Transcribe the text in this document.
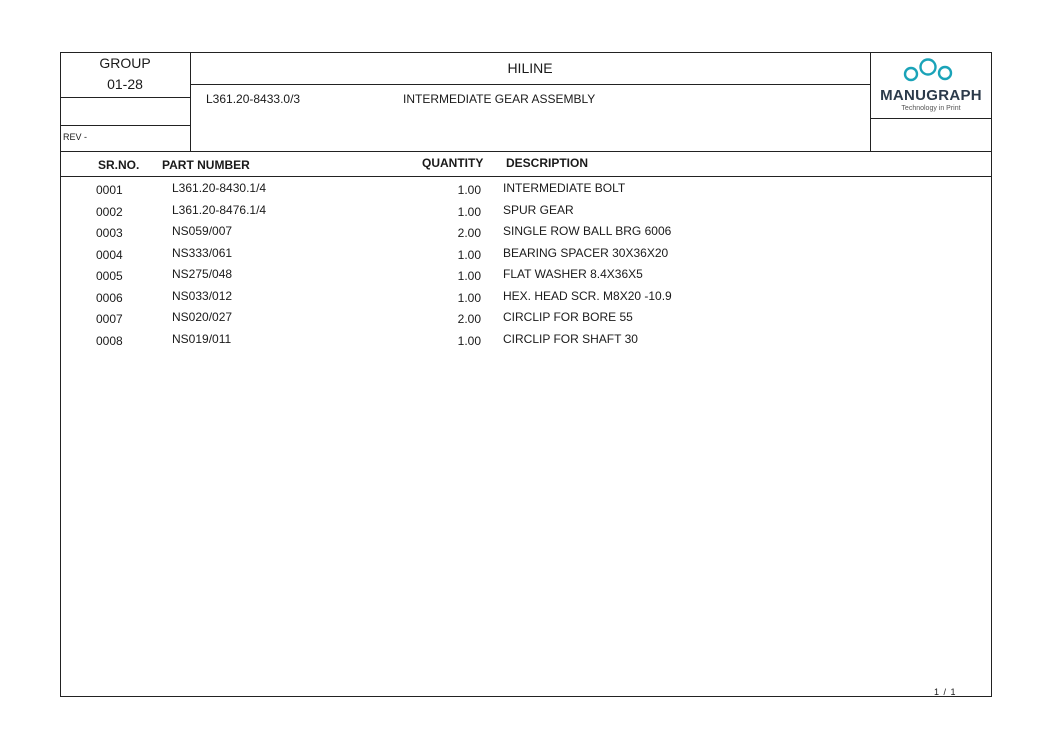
GROUP
01-28
REV -
HILINE
L361.20-8433.0/3	INTERMEDIATE GEAR ASSEMBLY	MANUGRAPH
Technology in Print
SR.NO. PART NUMBER	QUANTITY DESCRIPTION
0001	L361.20-8430.1/4	1.00 INTERMEDIATE BOLT
0002	L361.20-8476.1/4	1.00 SPUR GEAR
0003	NS059/007	2.00 SINGLE ROW BALL BRG 6006
0004	NS333/061	1.00 BEARING SPACER 30X36X20
0005	NS275/048	1.00 FLAT WASHER 8.4X36X5
0006	NS033/012	1.00 HEX. HEAD SCR. M8X20 -10.9
0007	NS020/027	2.00 CIRCLIP FOR BORE 55
0008	NS019/011	1.00 CIRCLIP FOR SHAFT 30
1 / 1
